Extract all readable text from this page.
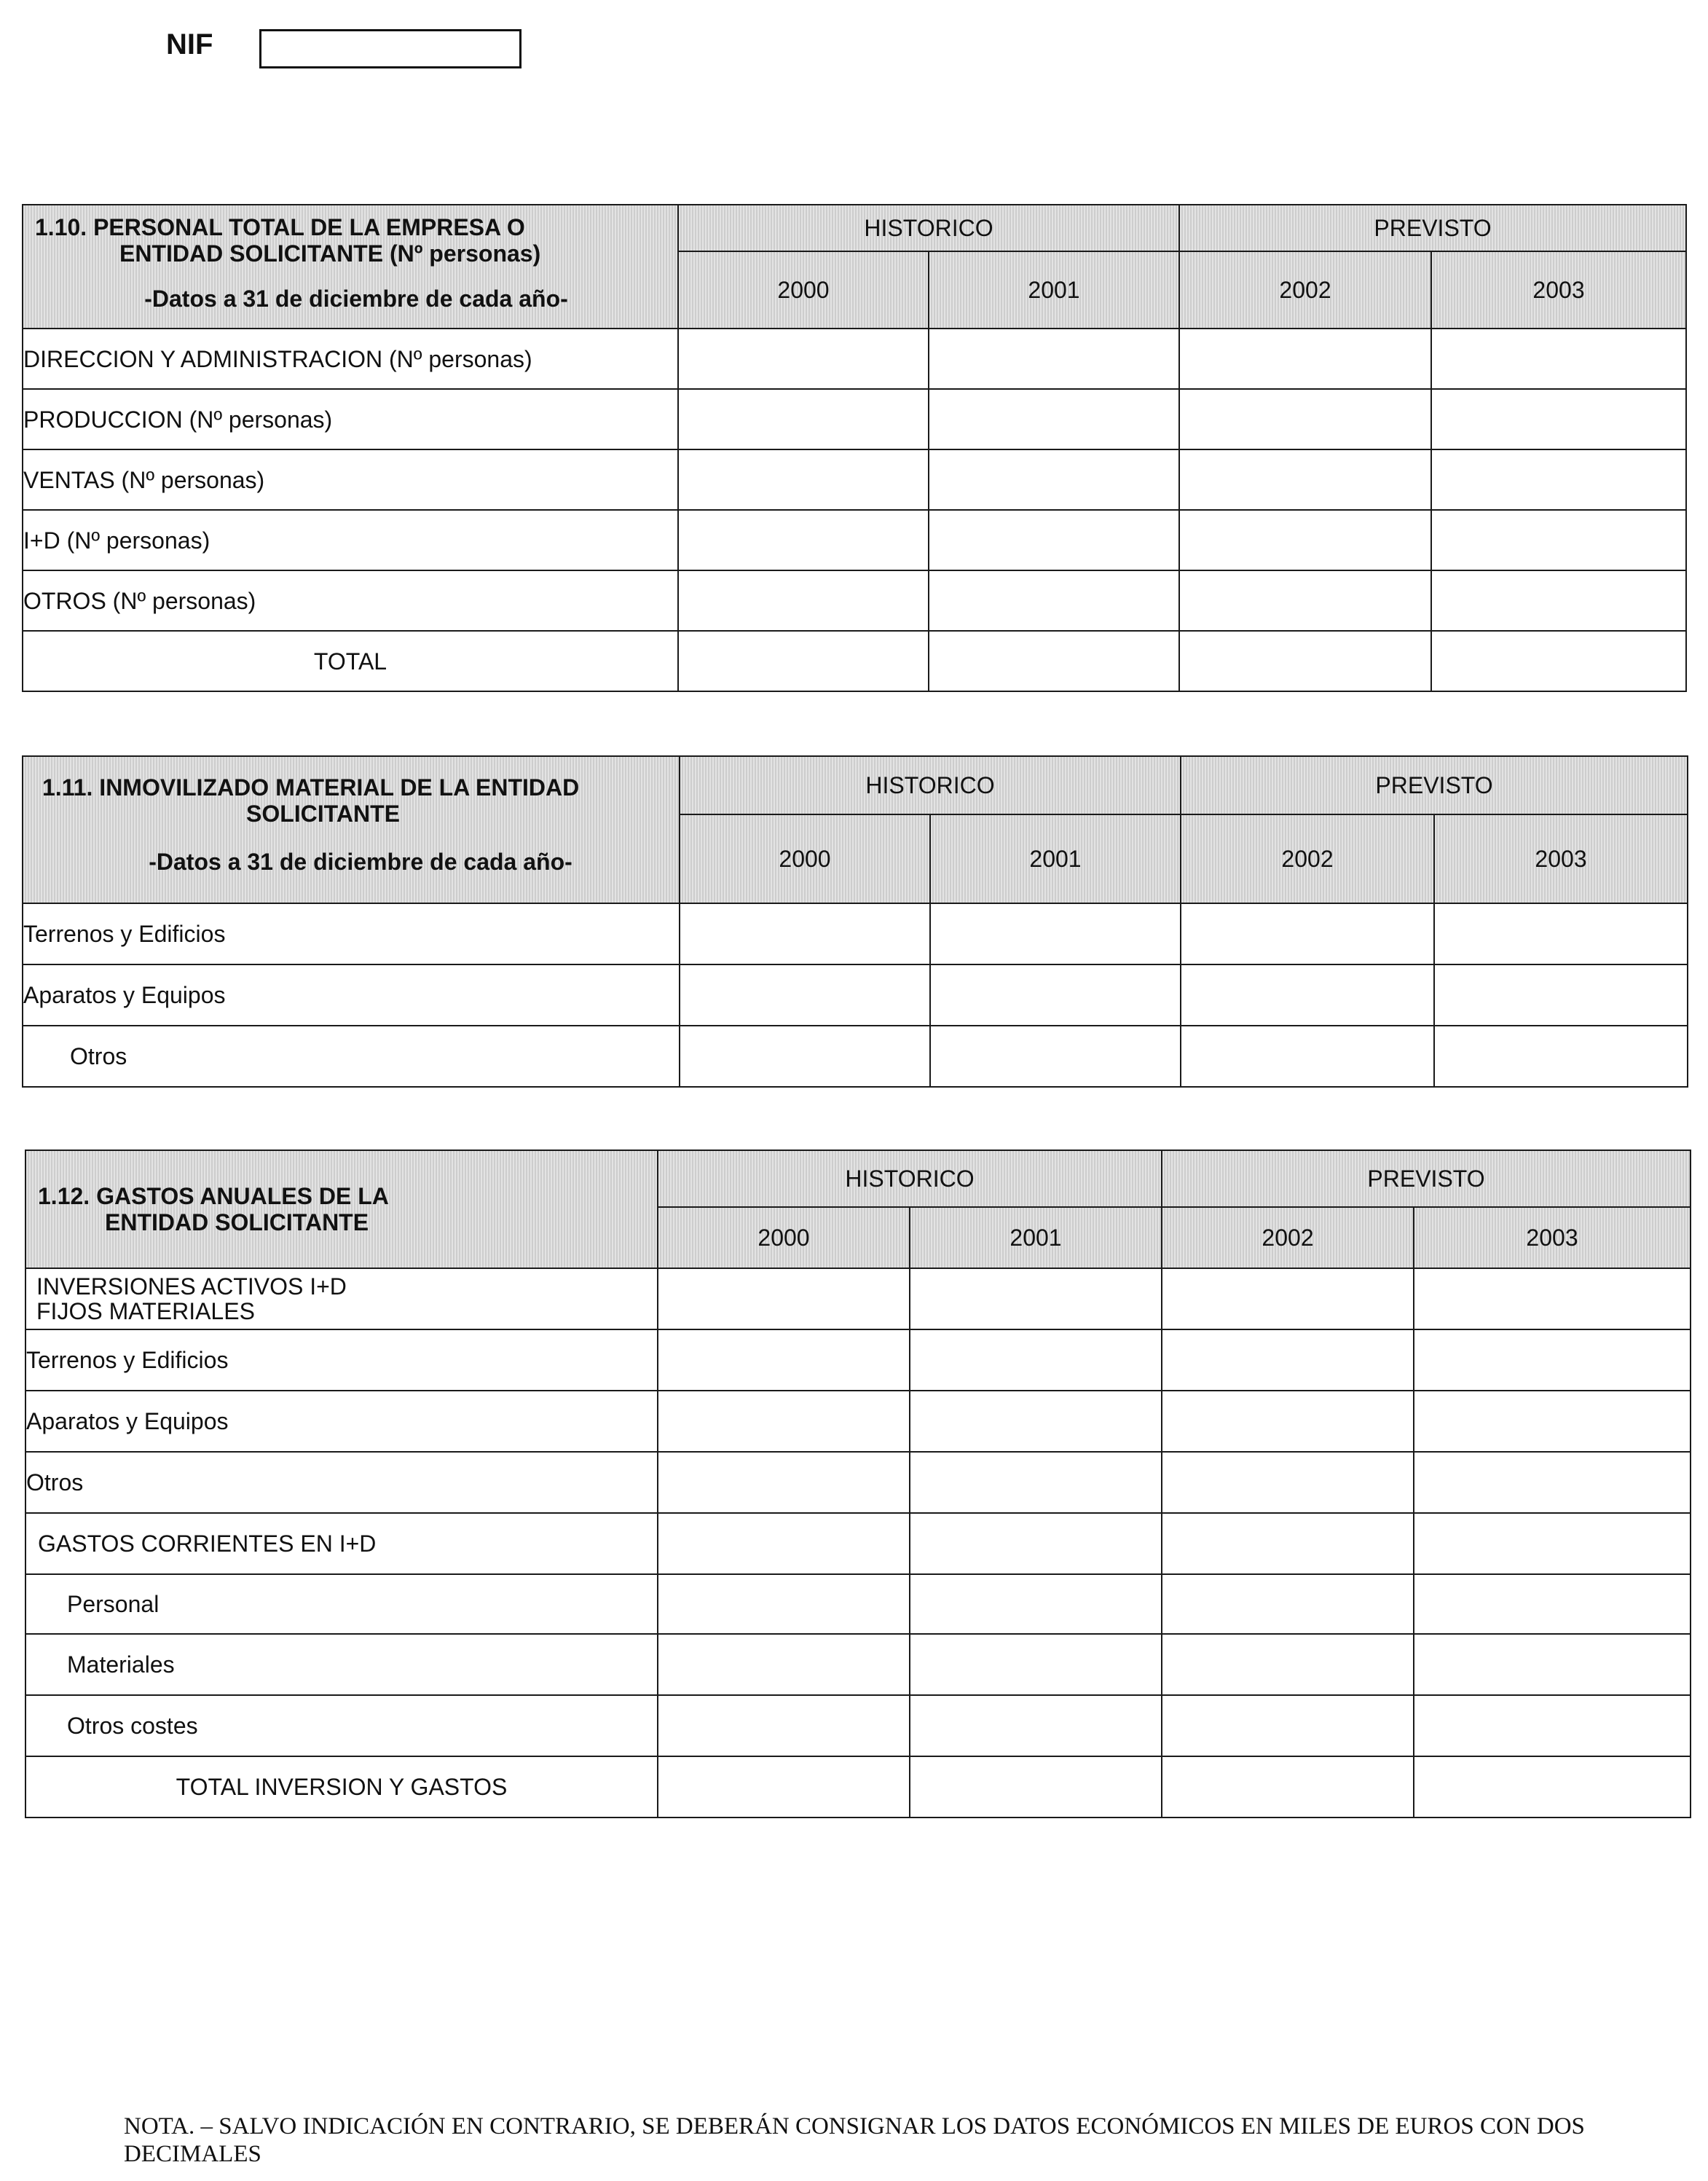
NIF
1.10. PERSONAL TOTAL DE LA EMPRESA O
ENTIDAD SOLICITANTE (Nº personas)
-Datos a 31 de diciembre de cada año-	HISTORICO		PREVISTO	
	2000	2001	2002	2003
DIRECCION Y ADMINISTRACION (Nº personas)				
PRODUCCION (Nº personas)				
VENTAS (Nº personas)				
I+D (Nº personas)				
OTROS (Nº personas)				
TOTAL				
1.11. INMOVILIZADO MATERIAL DE LA ENTIDAD
SOLICITANTE
-Datos a 31 de diciembre de cada año-	HISTORICO		PREVISTO	
	2000	2001	2002	2003
Terrenos y Edificios				
Aparatos y Equipos				
Otros				
1.12. GASTOS ANUALES DE LA
ENTIDAD SOLICITANTE	HISTORICO		PREVISTO	
	2000	2001	2002	2003
INVERSIONES ACTIVOS I+D FIJOS MATERIALES				
Terrenos y Edificios				
Aparatos y Equipos				
Otros				
GASTOS CORRIENTES EN I+D				
Personal				
Materiales				
Otros costes				
TOTAL INVERSION Y GASTOS				
NOTA. – SALVO INDICACIÓN EN CONTRARIO, SE DEBERÁN CONSIGNAR LOS DATOS ECONÓMICOS EN MILES DE EUROS CON DOS DECIMALES
